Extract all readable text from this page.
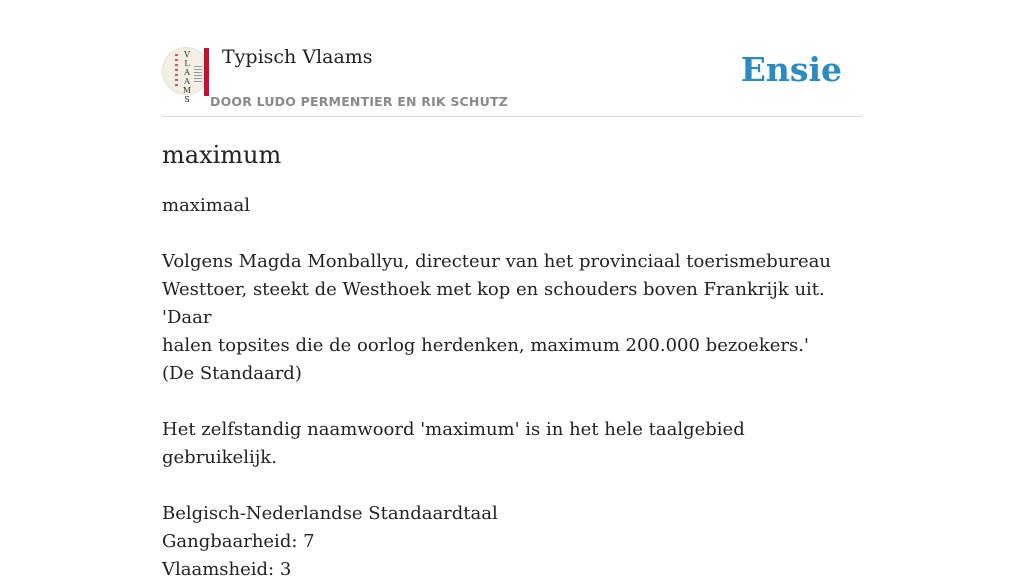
V
L
A
A
M
S
Typisch Vlaams
DOOR LUDO PERMENTIER EN RIK SCHUTZ
Ensie
maximum

maximaal

Volgens Magda Monballyu, directeur van het provinciaal toerismebureau

Westtoer, steekt de Westhoek met kop en schouders boven Frankrijk uit. 'Daar

halen topsites die de oorlog herdenken, maximum 200.000 bezoekers.'

(De Standaard)

Het zelfstandig naamwoord 'maximum' is in het hele taalgebied gebruikelijk.

Belgisch-Nederlandse Standaardtaal

Gangbaarheid: 7

Vlaamsheid: 3
